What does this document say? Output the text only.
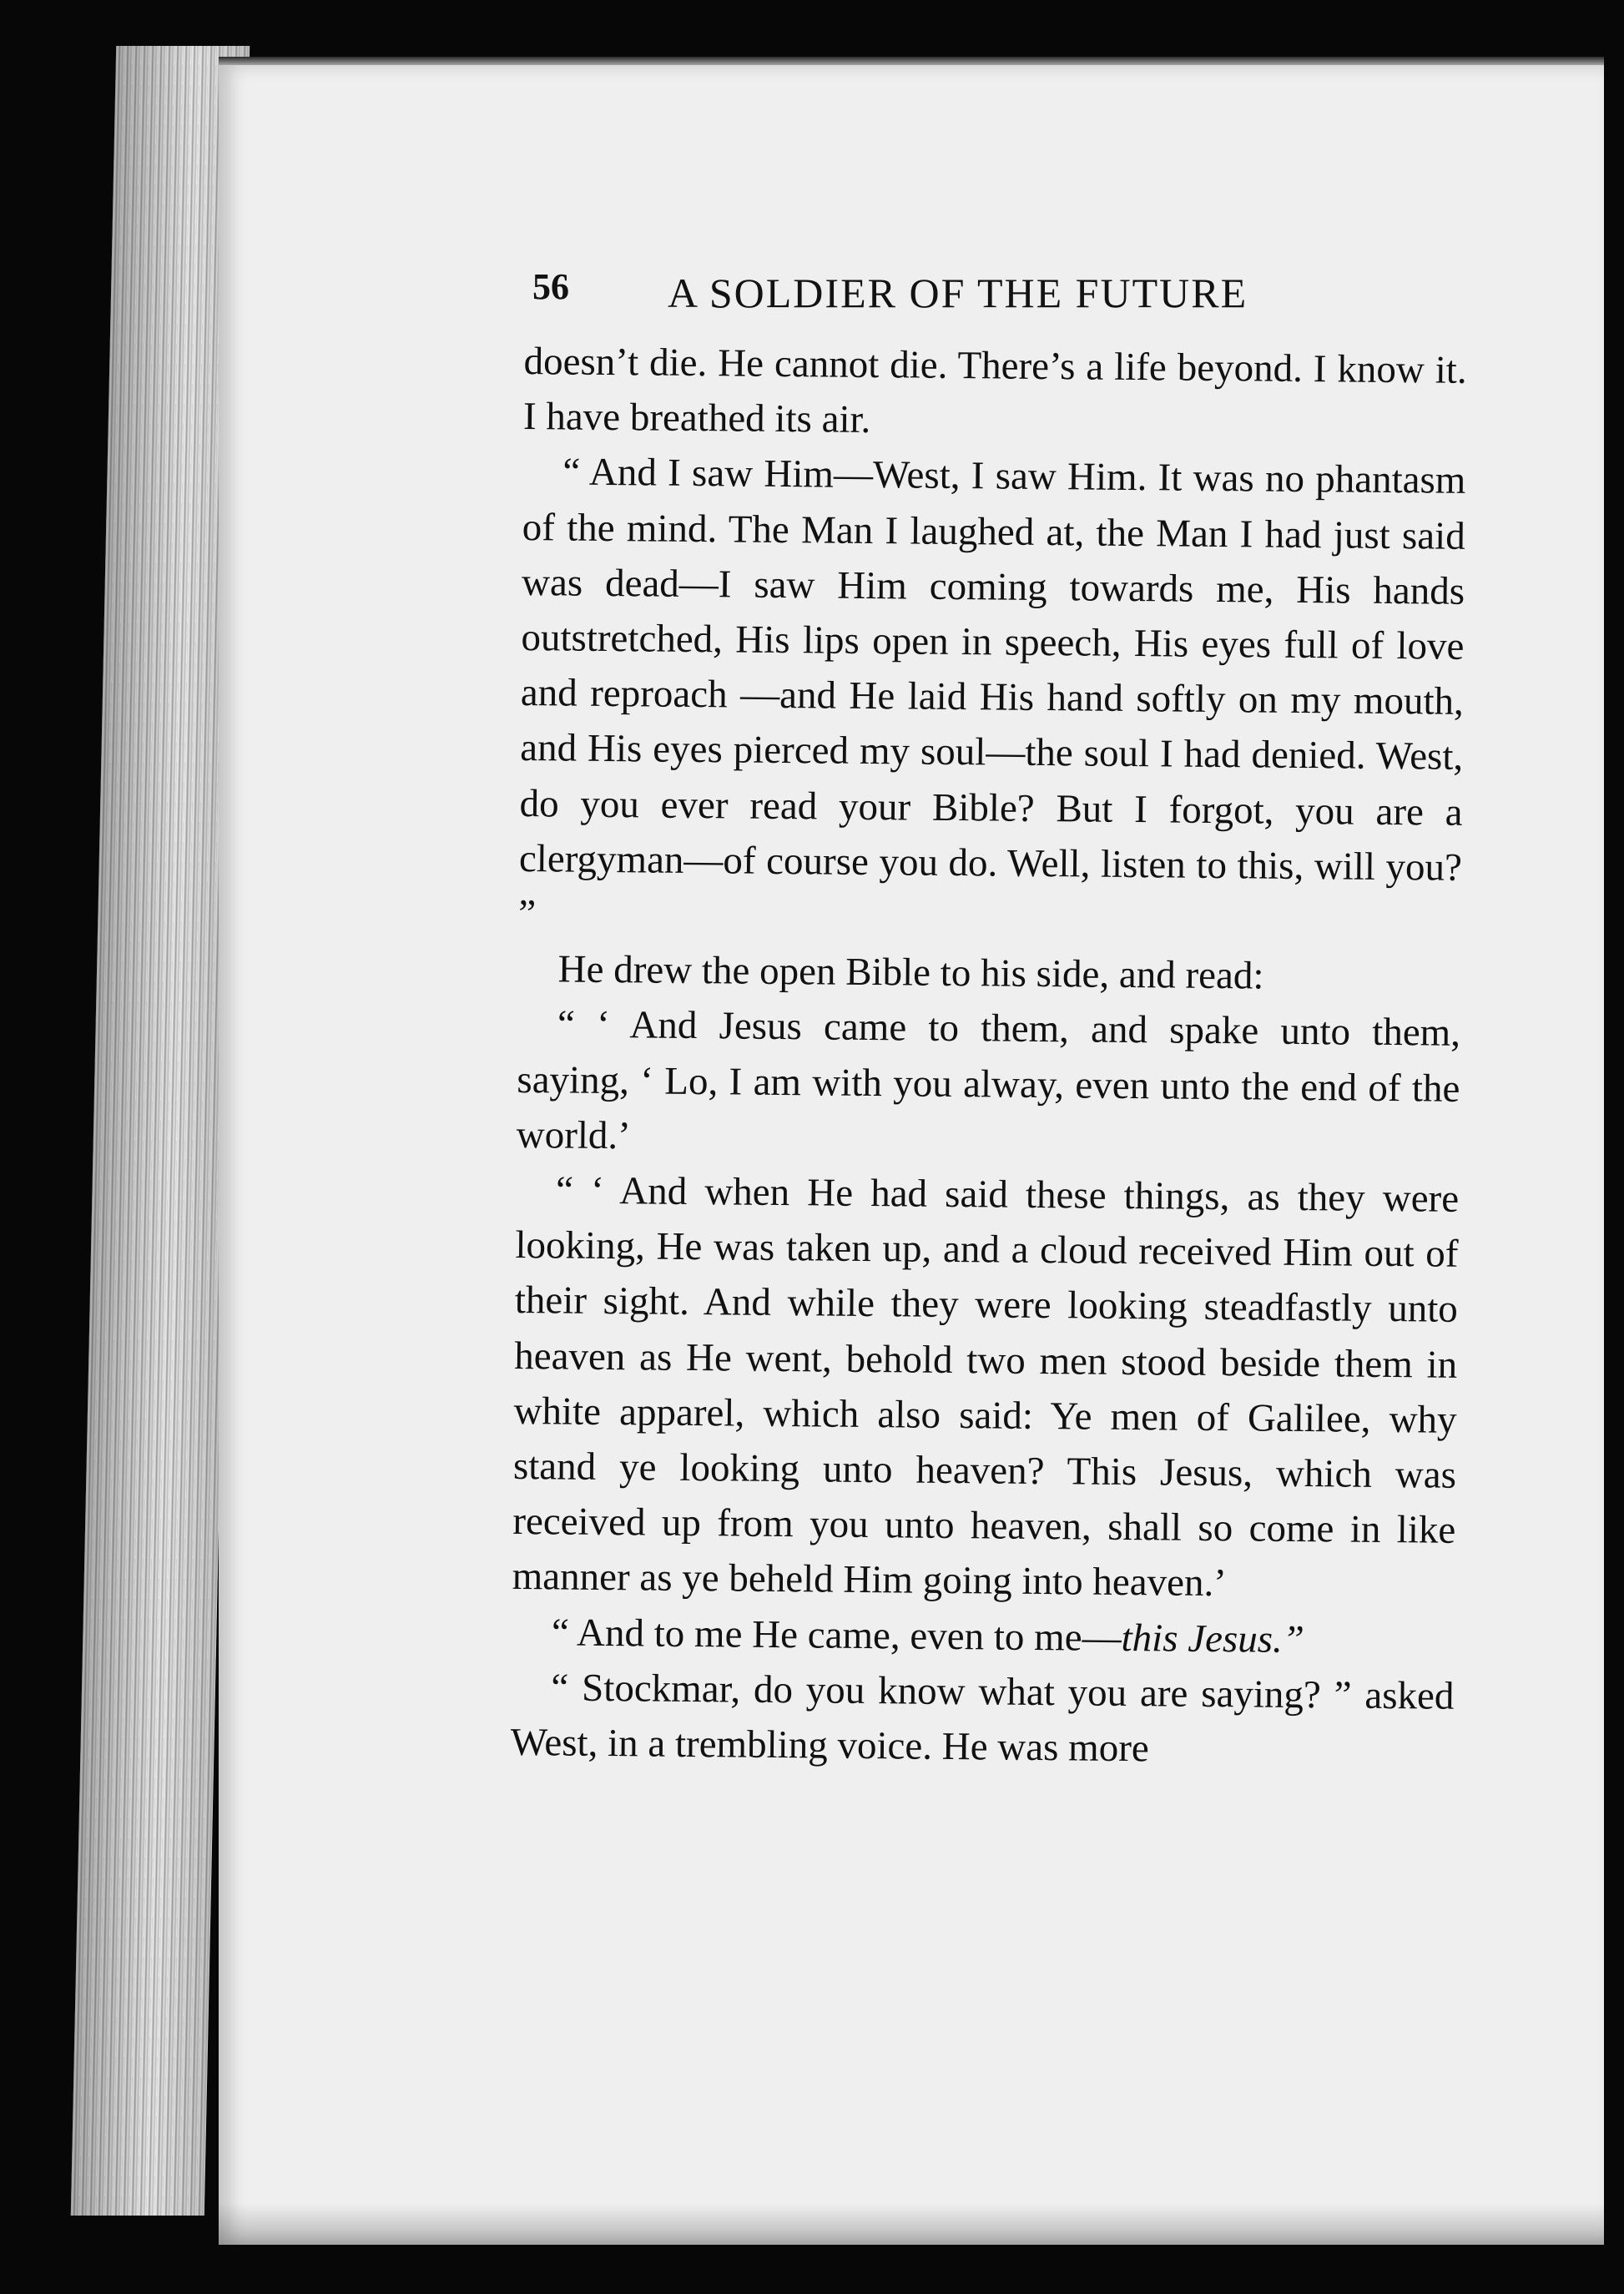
56 A SOLDIER OF THE FUTURE

doesn’t die. He cannot die. There’s a life beyond. I know it. I have breathed its air.

“ And I saw Him—West, I saw Him. It was no phantasm of the mind. The Man I laughed at, the Man I had just said was dead—I saw Him coming towards me, His hands outstretched, His lips open in speech, His eyes full of love and reproach —and He laid His hand softly on my mouth, and His eyes pierced my soul—the soul I had denied. West, do you ever read your Bible? But I forgot, you are a clergyman—of course you do. Well, listen to this, will you? ”

He drew the open Bible to his side, and read:

“ ‘ And Jesus came to them, and spake unto them, saying, ‘ Lo, I am with you alway, even unto the end of the world.’

“ ‘ And when He had said these things, as they were looking, He was taken up, and a cloud received Him out of their sight. And while they were looking steadfastly unto heaven as He went, behold two men stood beside them in white apparel, which also said: Ye men of Galilee, why stand ye looking unto heaven? This Jesus, which was received up from you unto heaven, shall so come in like manner as ye beheld Him going into heaven.’

“ And to me He came, even to me—this Jesus.”

“ Stockmar, do you know what you are saying? ” asked West, in a trembling voice. He was more
